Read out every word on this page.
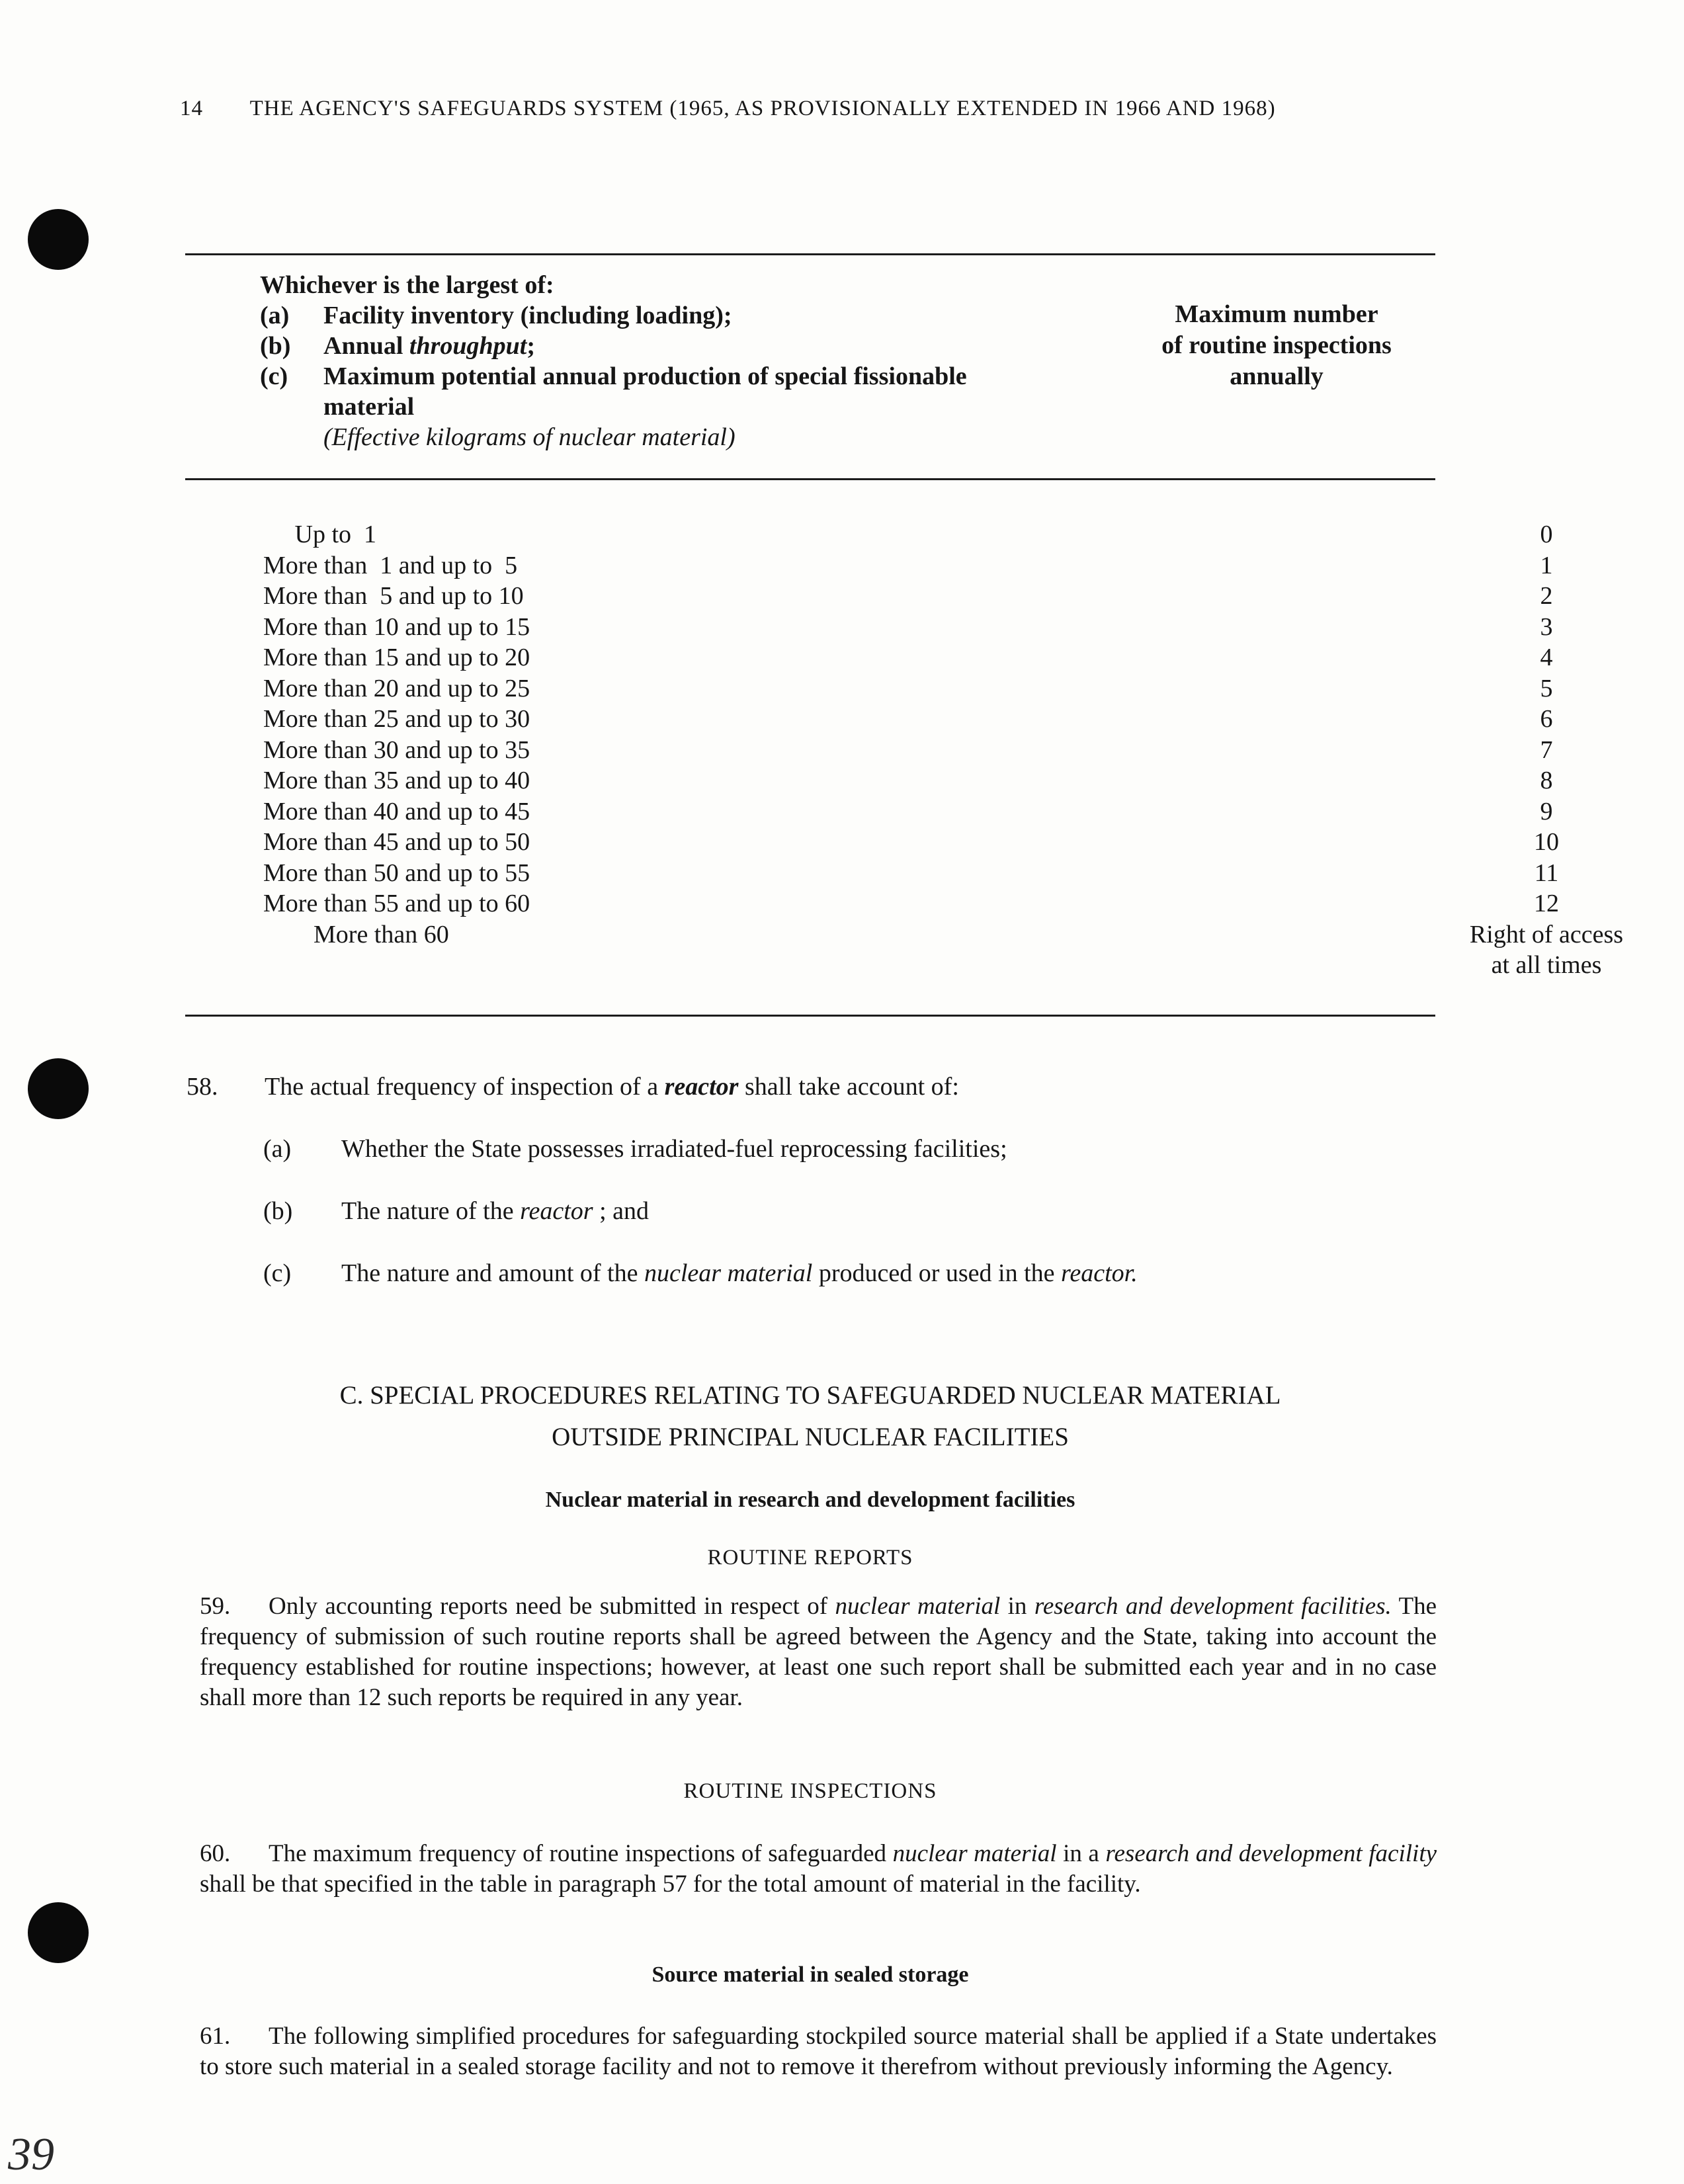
14 THE AGENCY'S SAFEGUARDS SYSTEM (1965, AS PROVISIONALLY EXTENDED IN 1966 AND 1968)
Whichever is the largest of:
(a)	Facility inventory (including loading);
(b)	Annual throughput;
(c)	Maximum potential annual production of special fissionable
material
(Effective kilograms of nuclear material)
Maximum number
of routine inspections
annually
Up to  1	0
More than  1 and up to  5	1
More than  5 and up to 10	2
More than 10 and up to 15	3
More than 15 and up to 20	4
More than 20 and up to 25	5
More than 25 and up to 30	6
More than 30 and up to 35	7
More than 35 and up to 40	8
More than 40 and up to 45	9
More than 45 and up to 50	10
More than 50 and up to 55	11
More than 55 and up to 60	12
More than 60	Right of access
at all times
58. The actual frequency of inspection of a reactor shall take account of:
(a) Whether the State possesses irradiated-fuel reprocessing facilities;
(b) The nature of the reactor ; and
(c) The nature and amount of the nuclear material produced or used in the reactor.
C. SPECIAL PROCEDURES RELATING TO SAFEGUARDED NUCLEAR MATERIAL
OUTSIDE PRINCIPAL NUCLEAR FACILITIES
Nuclear material in research and development facilities
ROUTINE REPORTS
59. Only accounting reports need be submitted in respect of nuclear material in research and development facilities. The frequency of submission of such routine reports shall be agreed between the Agency and the State, taking into account the frequency established for routine inspections; however, at least one such report shall be submitted each year and in no case shall more than 12 such reports be required in any year.
ROUTINE INSPECTIONS
60. The maximum frequency of routine inspections of safeguarded nuclear material in a research and development facility shall be that specified in the table in paragraph 57 for the total amount of material in the facility.
Source material in sealed storage
61. The following simplified procedures for safeguarding stockpiled source material shall be applied if a State undertakes to store such material in a sealed storage facility and not to remove it therefrom without previously informing the Agency.
39
